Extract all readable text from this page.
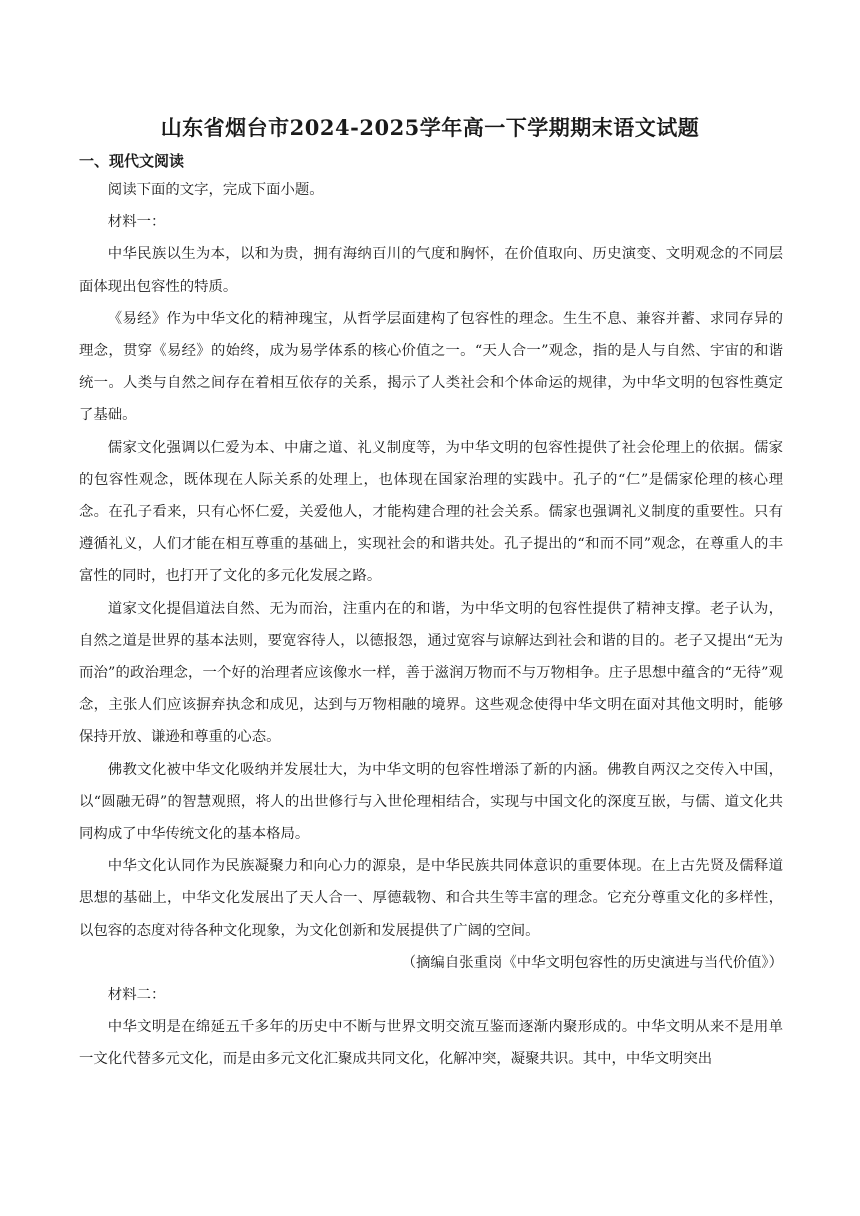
山东省烟台市2024-2025学年高一下学期期末语文试题
一、现代文阅读

阅读下面的文字，完成下面小题。

材料一：

中华民族以生为本，以和为贵，拥有海纳百川的气度和胸怀，在价值取向、历史演变、文明观念的不同层面体现出包容性的特质。

《易经》作为中华文化的精神瑰宝，从哲学层面建构了包容性的理念。生生不息、兼容并蓄、求同存异的理念，贯穿《易经》的始终，成为易学体系的核心价值之一。“天人合一”观念，指的是人与自然、宇宙的和谐统一。人类与自然之间存在着相互依存的关系，揭示了人类社会和个体命运的规律，为中华文明的包容性奠定了基础。

儒家文化强调以仁爱为本、中庸之道、礼义制度等，为中华文明的包容性提供了社会伦理上的依据。儒家的包容性观念，既体现在人际关系的处理上，也体现在国家治理的实践中。孔子的“仁”是儒家伦理的核心理念。在孔子看来，只有心怀仁爱，关爱他人，才能构建合理的社会关系。儒家也强调礼义制度的重要性。只有遵循礼义，人们才能在相互尊重的基础上，实现社会的和谐共处。孔子提出的“和而不同”观念，在尊重人的丰富性的同时，也打开了文化的多元化发展之路。

道家文化提倡道法自然、无为而治，注重内在的和谐，为中华文明的包容性提供了精神支撑。老子认为，自然之道是世界的基本法则，要宽容待人，以德报怨，通过宽容与谅解达到社会和谐的目的。老子又提出“无为而治”的政治理念，一个好的治理者应该像水一样，善于滋润万物而不与万物相争。庄子思想中蕴含的“无待”观念，主张人们应该摒弃执念和成见，达到与万物相融的境界。这些观念使得中华文明在面对其他文明时，能够保持开放、谦逊和尊重的心态。

佛教文化被中华文化吸纳并发展壮大，为中华文明的包容性增添了新的内涵。佛教自两汉之交传入中国，以“圆融无碍”的智慧观照，将人的出世修行与入世伦理相结合，实现与中国文化的深度互嵌，与儒、道文化共同构成了中华传统文化的基本格局。

中华文化认同作为民族凝聚力和向心力的源泉，是中华民族共同体意识的重要体现。在上古先贤及儒释道思想的基础上，中华文化发展出了天人合一、厚德载物、和合共生等丰富的理念。它充分尊重文化的多样性，以包容的态度对待各种文化现象，为文化创新和发展提供了广阔的空间。

（摘编自张重岗《中华文明包容性的历史演进与当代价值》）

材料二：

中华文明是在绵延五千多年的历史中不断与世界文明交流互鉴而逐渐内聚形成的。中华文明从来不是用单一文化代替多元文化，而是由多元文化汇聚成共同文化，化解冲突，凝聚共识。其中，中华文明突出
